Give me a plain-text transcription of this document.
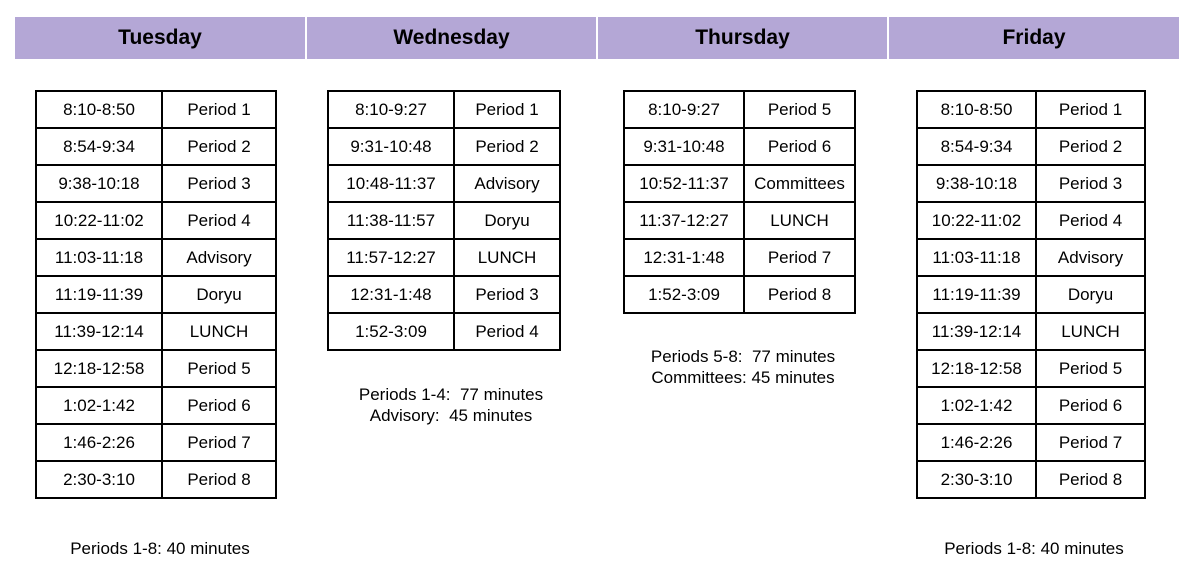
Tuesday	Wednesday	Thursday	Friday
8:10-8:50	Period 1
8:54-9:34	Period 2
9:38-10:18	Period 3
10:22-11:02	Period 4
11:03-11:18	Advisory
11:19-11:39	Doryu
11:39-12:14	LUNCH
12:18-12:58	Period 5
1:02-1:42	Period 6
1:46-2:26	Period 7
2:30-3:10	Period 8
8:10-9:27	Period 1
9:31-10:48	Period 2
10:48-11:37	Advisory
11:38-11:57	Doryu
11:57-12:27	LUNCH
12:31-1:48	Period 3
1:52-3:09	Period 4
8:10-9:27	Period 5
9:31-10:48	Period 6
10:52-11:37	Committees
11:37-12:27	LUNCH
12:31-1:48	Period 7
1:52-3:09	Period 8
8:10-8:50	Period 1
8:54-9:34	Period 2
9:38-10:18	Period 3
10:22-11:02	Period 4
11:03-11:18	Advisory
11:19-11:39	Doryu
11:39-12:14	LUNCH
12:18-12:58	Period 5
1:02-1:42	Period 6
1:46-2:26	Period 7
2:30-3:10	Period 8
Periods 1-8: 40 minutes
Periods 1-4:  77 minutes
Advisory:  45 minutes
Periods 5-8:  77 minutes
Committees: 45 minutes
Periods 1-8: 40 minutes
